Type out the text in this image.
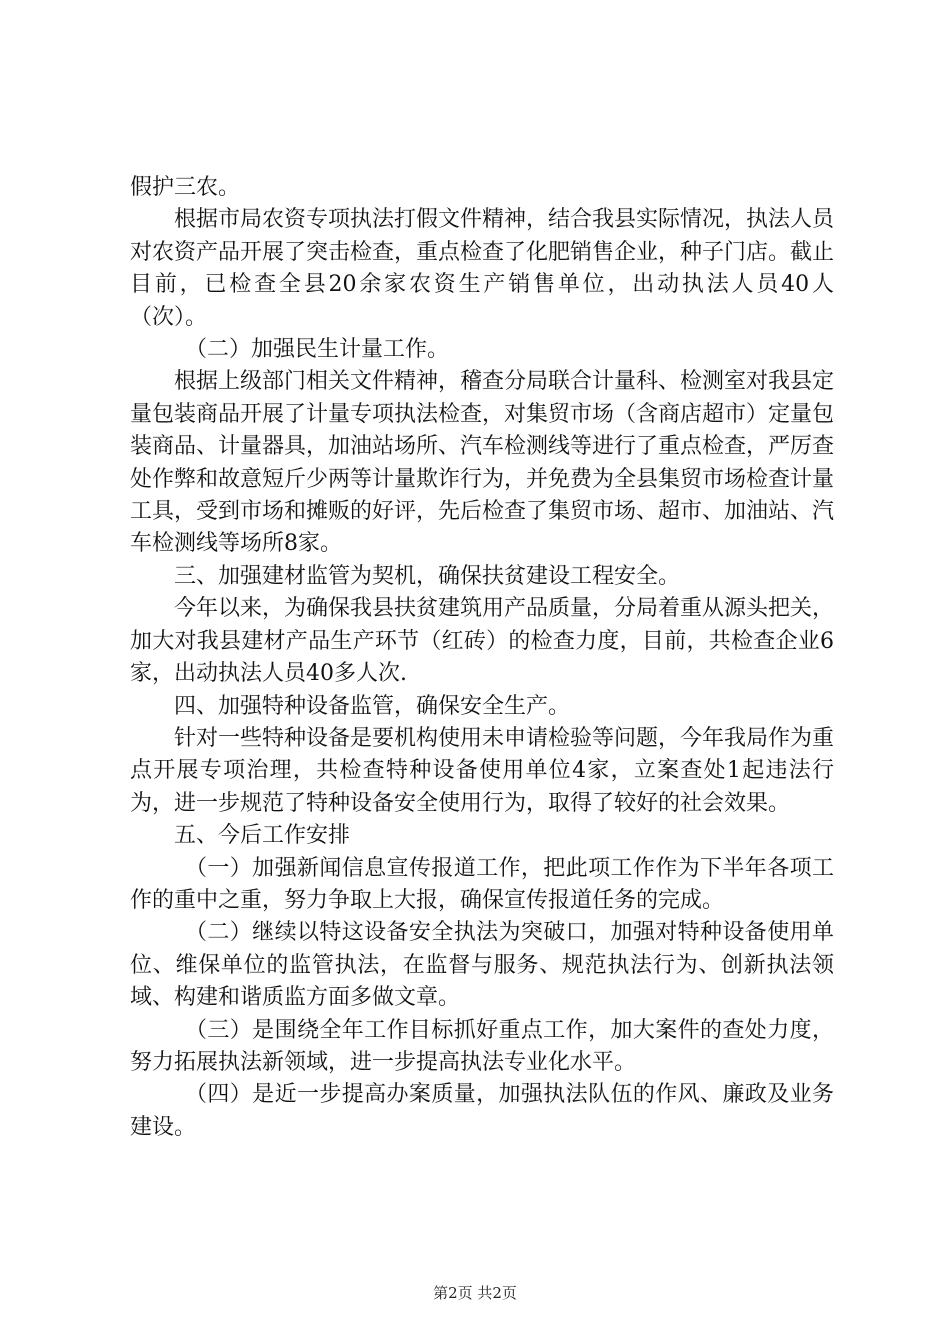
假护三农。

根据市局农资专项执法打假文件精神，结合我县实际情况，执法人员对农资产品开展了突击检查，重点检查了化肥销售企业，种子门店。截止目前，已检查全县20余家农资生产销售单位，出动执法人员40人（次）。

（二）加强民生计量工作。

根据上级部门相关文件精神，稽查分局联合计量科、检测室对我县定量包装商品开展了计量专项执法检查，对集贸市场（含商店超市）定量包装商品、计量器具，加油站场所、汽车检测线等进行了重点检查，严厉查处作弊和故意短斤少两等计量欺诈行为，并免费为全县集贸市场检查计量工具，受到市场和摊贩的好评，先后检查了集贸市场、超市、加油站、汽车检测线等场所8家。

三、加强建材监管为契机，确保扶贫建设工程安全。

今年以来，为确保我县扶贫建筑用产品质量，分局着重从源头把关，加大对我县建材产品生产环节（红砖）的检查力度，目前，共检查企业6家，出动执法人员40多人次.

四、加强特种设备监管，确保安全生产。

针对一些特种设备是要机构使用未申请检验等问题，今年我局作为重点开展专项治理，共检查特种设备使用单位4家，立案查处1起违法行为，进一步规范了特种设备安全使用行为，取得了较好的社会效果。

五、今后工作安排

（一）加强新闻信息宣传报道工作，把此项工作作为下半年各项工作的重中之重，努力争取上大报，确保宣传报道任务的完成。

（二）继续以特这设备安全执法为突破口，加强对特种设备使用单位、维保单位的监管执法，在监督与服务、规范执法行为、创新执法领域、构建和谐质监方面多做文章。

（三）是围绕全年工作目标抓好重点工作，加大案件的查处力度，努力拓展执法新领域，进一步提高执法专业化水平。

（四）是近一步提高办案质量，加强执法队伍的作风、廉政及业务建设。

第2页 共2页
